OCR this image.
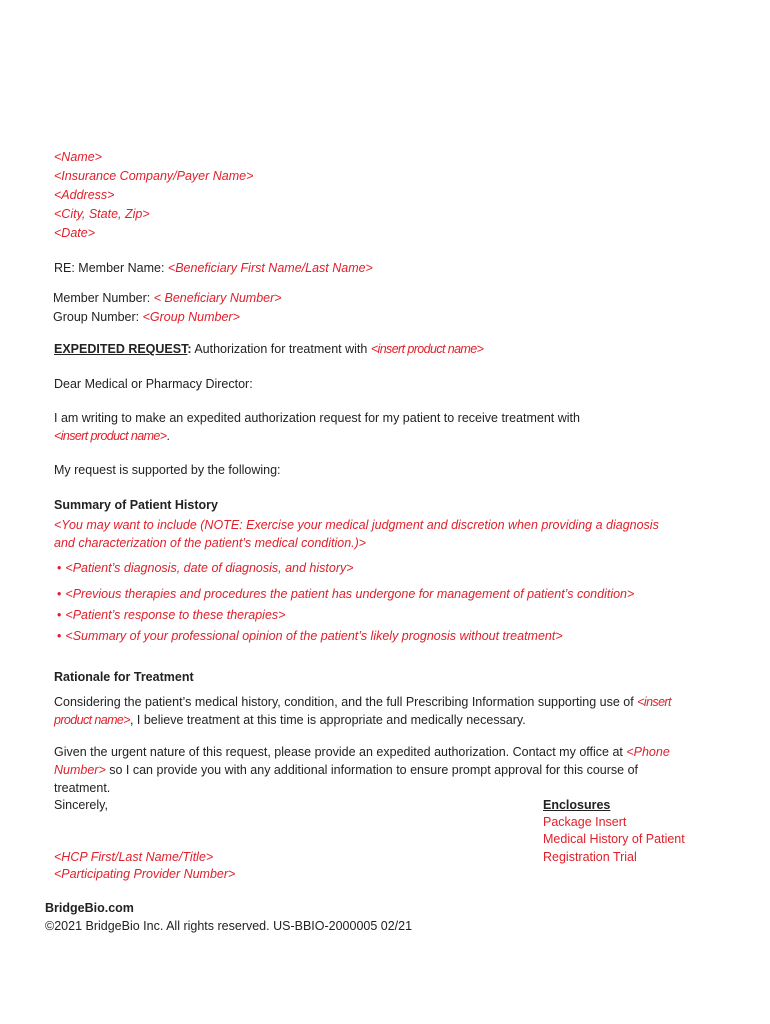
<Name>
<Insurance Company/Payer Name>
<Address>
<City, State, Zip>
<Date>
RE: Member Name: <Beneficiary First Name/Last Name>
Member Number: < Beneficiary Number>
Group Number: <Group Number>
EXPEDITED REQUEST: Authorization for treatment with <insert product name>
Dear Medical or Pharmacy Director:
I am writing to make an expedited authorization request for my patient to receive treatment with
<insert product name>.
My request is supported by the following:
Summary of Patient History
<You may want to include (NOTE: Exercise your medical judgment and discretion when providing a diagnosis
and characterization of the patient’s medical condition.)>
• <Patient’s diagnosis, date of diagnosis, and history>
• <Previous therapies and procedures the patient has undergone for management of patient’s condition>
• <Patient’s response to these therapies>
• <Summary of your professional opinion of the patient’s likely prognosis without treatment>
Rationale for Treatment
Considering the patient’s medical history, condition, and the full Prescribing Information supporting use of <insert
product name>, I believe treatment at this time is appropriate and medically necessary.
Given the urgent nature of this request, please provide an expedited authorization. Contact my office at <Phone
Number> so I can provide you with any additional information to ensure prompt approval for this course of
treatment.
Sincerely,	Enclosures
Package Insert
Medical History of Patient
Registration Trial
<HCP First/Last Name/Title>
<Participating Provider Number>
BridgeBio.com
©2021 BridgeBio Inc. All rights reserved. US-BBIO-2000005 02/21
